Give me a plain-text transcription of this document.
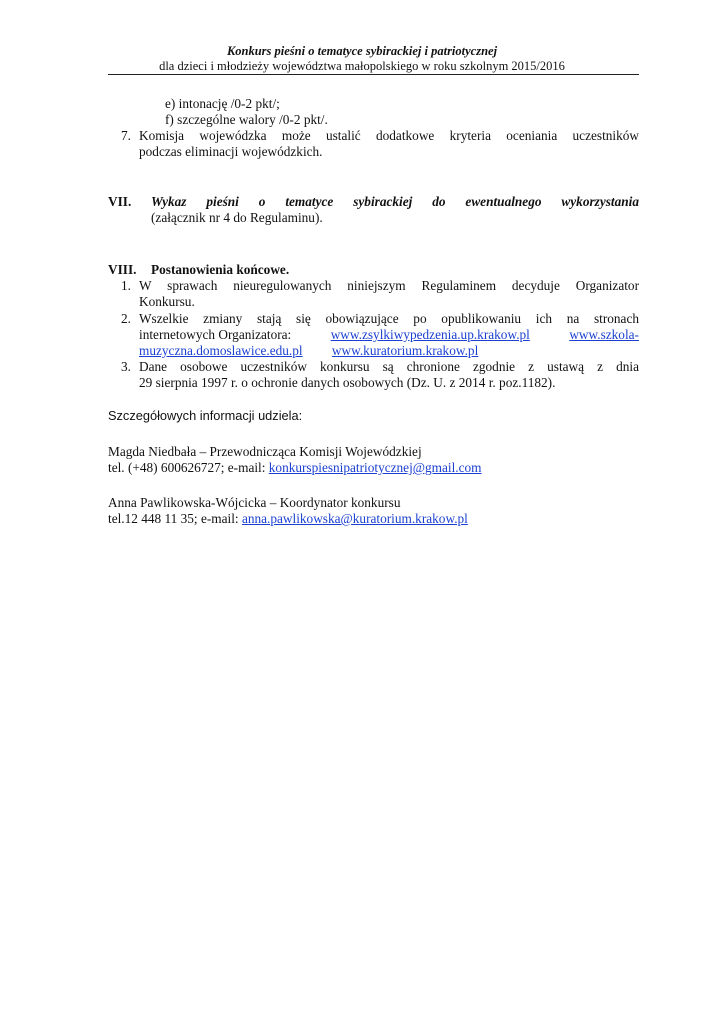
Konkurs pieśni o tematyce sybirackiej i patriotycznej
dla dzieci i młodzieży województwa małopolskiego w roku szkolnym 2015/2016
e) intonację /0-2 pkt/;
f) szczególne walory /0-2 pkt/.
7. Komisja wojewódzka może ustalić dodatkowe kryteria oceniania uczestników
podczas eliminacji wojewódzkich.
VII. Wykaz pieśni o tematyce sybirackiej do ewentualnego wykorzystania
(załącznik nr 4 do Regulaminu).
VIII. Postanowienia końcowe.
1. W sprawach nieuregulowanych niniejszym Regulaminem decyduje Organizator
Konkursu.
2. Wszelkie zmiany stają się obowiązujące po opublikowaniu ich na stronach
internetowych Organizatora:	www.zsylkiwypedzenia.up.krakow.pl	www.szkola-
muzyczna.domoslawice.edu.pl www.kuratorium.krakow.pl
3. Dane osobowe uczestników konkursu są chronione zgodnie z ustawą z dnia
29 sierpnia 1997 r. o ochronie danych osobowych (Dz. U. z 2014 r. poz.1182).
Szczegółowych informacji udziela:
Magda Niedbała – Przewodnicząca Komisji Wojewódzkiej
tel. (+48) 600626727; e-mail: konkurspiesnipatriotycznej@gmail.com
Anna Pawlikowska-Wójcicka – Koordynator konkursu
tel.12 448 11 35; e-mail: anna.pawlikowska@kuratorium.krakow.pl
